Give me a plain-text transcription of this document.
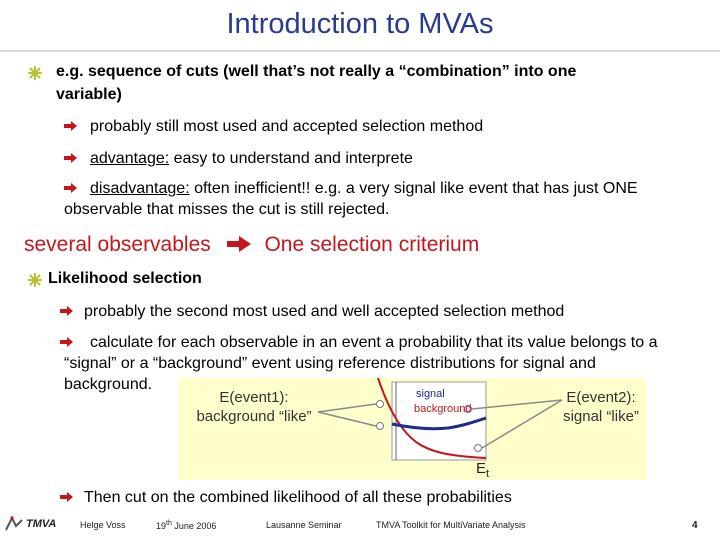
Introduction to MVAs
e.g. sequence of cuts (well that’s not really a “combination” into one
variable)
probably still most used and accepted selection method
advantage: easy to understand and interprete
disadvantage: often inefficient!! e.g. a very signal like event that has just ONE
observable that misses the cut is still rejected.
several observables	One selection criterium
Likelihood selection
probably the second most used and well accepted selection method
calculate for each observable in an event a probability that its value belongs to a
“signal” or a “background” event using reference distributions for signal and
background.
E(event1):
background “like”
E(event2):
signal “like”
signal
background
$E_t$
Then cut on the combined likelihood of all these probabilities
TMVA	Helge Voss	19th June 2006	Lausanne Seminar	TMVA Toolkit for MultiVariate Analysis	4
